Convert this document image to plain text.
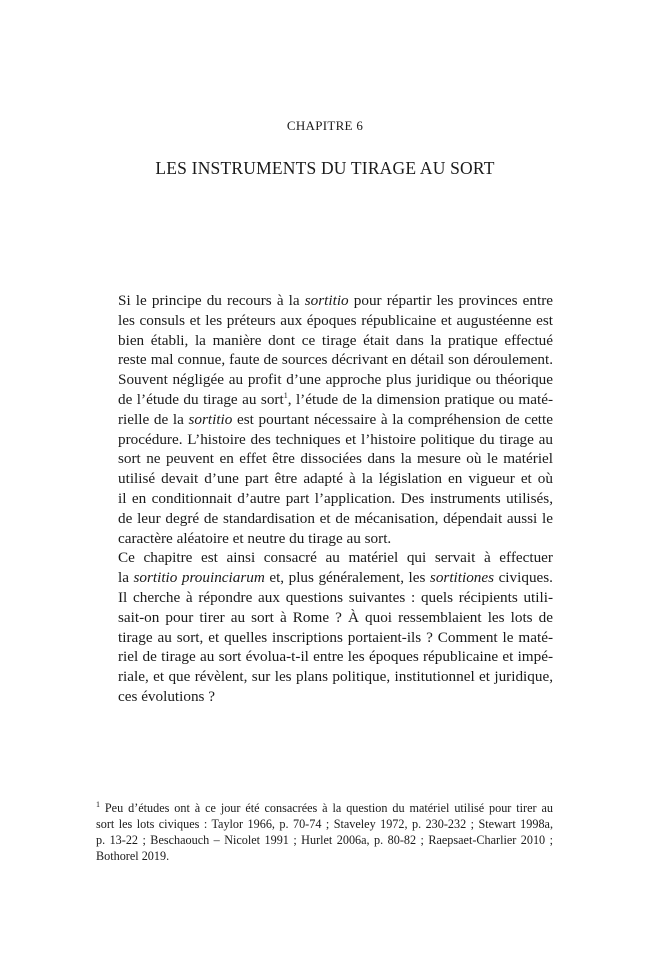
CHAPITRE 6
LES INSTRUMENTS DU TIRAGE AU SORT

Si le principe du recours à la sortitio pour répartir les provinces entre
les consuls et les préteurs aux époques républicaine et augustéenne est
bien établi, la manière dont ce tirage était dans la pratique effectué
reste mal connue, faute de sources décrivant en détail son déroulement.
Souvent négligée au profit d’une approche plus juridique ou théorique
de l’étude du tirage au sort$^1$, l’étude de la dimension pratique ou maté-
rielle de la sortitio est pourtant nécessaire à la compréhension de cette
procédure. L’histoire des techniques et l’histoire politique du tirage au
sort ne peuvent en effet être dissociées dans la mesure où le matériel
utilisé devait d’une part être adapté à la législation en vigueur et où
il en conditionnait d’autre part l’application. Des instruments utilisés,
de leur degré de standardisation et de mécanisation, dépendait aussi le
caractère aléatoire et neutre du tirage au sort.

Ce chapitre est ainsi consacré au matériel qui servait à effectuer
la sortitio prouinciarum et, plus généralement, les sortitiones civiques.
Il cherche à répondre aux questions suivantes : quels récipients utili-
sait-on pour tirer au sort à Rome ? À quoi ressemblaient les lots de
tirage au sort, et quelles inscriptions portaient-ils ? Comment le maté-
riel de tirage au sort évolua-t-il entre les époques républicaine et impé-
riale, et que révèlent, sur les plans politique, institutionnel et juridique,
ces évolutions ?

$^1$ Peu d’études ont à ce jour été consacrées à la question du matériel utilisé pour tirer au
sort les lots civiques : Taylor 1966, p. 70-74 ; Staveley 1972, p. 230-232 ; Stewart 1998a,
p. 13-22 ; Beschaouch – Nicolet 1991 ; Hurlet 2006a, p. 80-82 ; Raepsaet-Charlier 2010 ;
Bothorel 2019.
